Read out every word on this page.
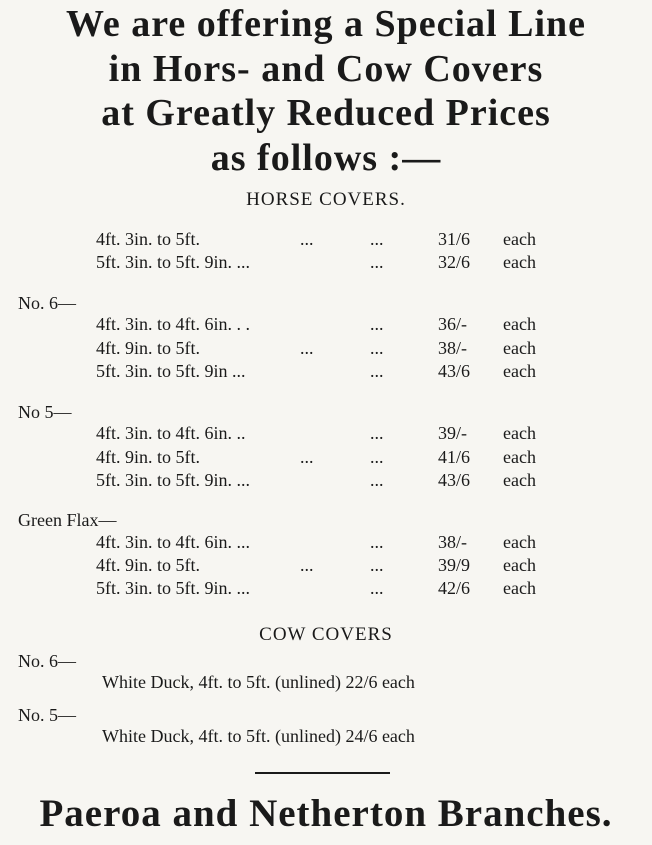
We are offering a Special Line
in Hors- and Cow Covers
at Greatly Reduced Prices
as follows :—
HORSE COVERS.
4ft. 3in. to 5ft.	...	...	31/6 each
5ft. 3in. to 5ft. 9in. ...	...	32/6 each
No. 6—
4ft. 3in. to 4ft. 6in. . .	...	36/- each
4ft. 9in. to 5ft.	...	...	38/- each
5ft. 3in. to 5ft. 9in ...	...	43/6 each
No 5—
4ft. 3in. to 4ft. 6in. ..	...	39/- each
4ft. 9in. to 5ft.	...	...	41/6 each
5ft. 3in. to 5ft. 9in. ...	...	43/6 each
Green Flax—
4ft. 3in. to 4ft. 6in. ...	...	38/- each
4ft. 9in. to 5ft.	...	...	39/9 each
5ft. 3in. to 5ft. 9in. ...	...	42/6 each
COW COVERS
No. 6—
White Duck, 4ft. to 5ft. (unlined) 22/6 each
No. 5—
White Duck, 4ft. to 5ft. (unlined) 24/6 each
Paeroa and Netherton Branches.
